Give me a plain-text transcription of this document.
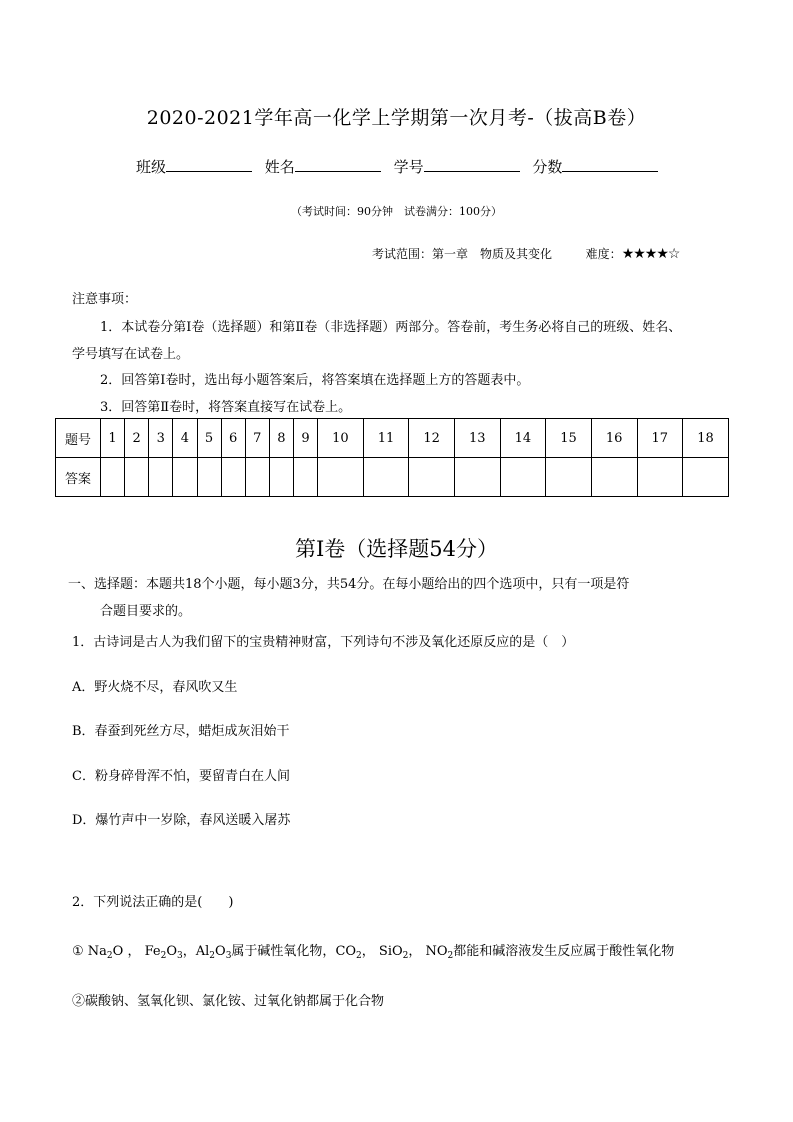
2020-2021学年高一化学上学期第一次月考-（拔高B卷）
班级	姓名	学号	分数
（考试时间：90分钟　试卷满分：100分）
考试范围：第一章　物质及其变化	难度：★★★★☆
注意事项：
1．本试卷分第Ⅰ卷（选择题）和第Ⅱ卷（非选择题）两部分。答卷前，考生务必将自己的班级、姓名、
学号填写在试卷上。
2．回答第Ⅰ卷时，选出每小题答案后，将答案填在选择题上方的答题表中。
3．回答第Ⅱ卷时，将答案直接写在试卷上。
题号	1	2	3	4	5	6	7	8	9	10	11	12	13	14	15	16	17	18
答案																		
第Ⅰ卷（选择题54分）
一、选择题：本题共18个小题，每小题3分，共54分。在每小题给出的四个选项中，只有一项是符
合题目要求的。
1．古诗词是古人为我们留下的宝贵精神财富，下列诗句不涉及氧化还原反应的是（　）
A．野火烧不尽，春风吹又生
B．春蚕到死丝方尽，蜡炬成灰泪始干
C．粉身碎骨浑不怕，要留青白在人间
D．爆竹声中一岁除，春风送暖入屠苏
2．下列说法正确的是(　　)
① $Na_2O$ ， $Fe_2O_3$，$Al_2O_3$属于碱性氧化物，$CO_2$， SiO$_2$， $NO_2$都能和碱溶液发生反应属于酸性氧化物
②碳酸钠、氢氧化钡、氯化铵、过氧化钠都属于化合物
